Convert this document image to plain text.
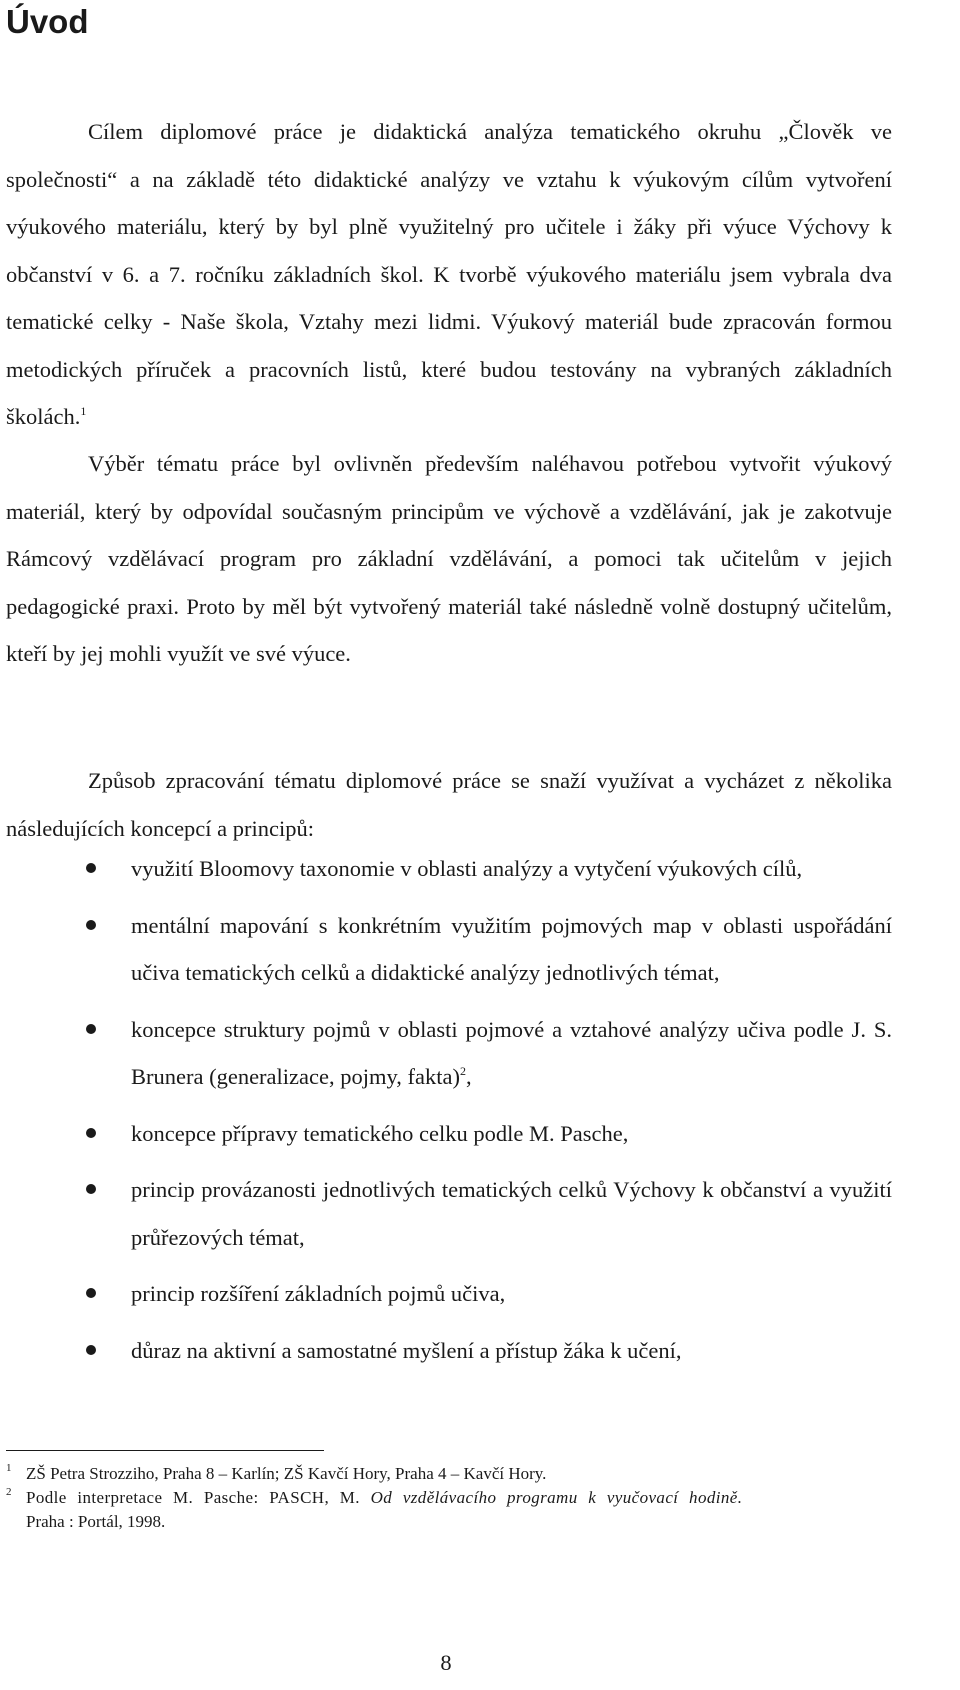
Úvod

Cílem diplomové práce je didaktická analýza tematického okruhu „Člověk ve společnosti“ a na základě této didaktické analýzy ve vztahu k výukovým cílům vytvoření výukového materiálu, který by byl plně využitelný pro učitele i žáky při výuce Výchovy k občanství v 6. a 7. ročníku základních škol. K tvorbě výukového materiálu jsem vybrala dva tematické celky - Naše škola, Vztahy mezi lidmi. Výukový materiál bude zpracován formou metodických příruček a pracovních listů, které budou testovány na vybraných základních školách.$^1$

Výběr tématu práce byl ovlivněn především naléhavou potřebou vytvořit výukový materiál, který by odpovídal současným principům ve výchově a vzdělávání, jak je zakotvuje Rámcový vzdělávací program pro základní vzdělávání, a pomoci tak učitelům v jejich pedagogické praxi. Proto by měl být vytvořený materiál také následně volně dostupný učitelům, kteří by jej mohli využít ve své výuce.

Způsob zpracování tématu diplomové práce se snaží využívat a vycházet z několika následujících koncepcí a principů:

využití Bloomovy taxonomie v oblasti analýzy a vytyčení výukových cílů,
mentální mapování s konkrétním využitím pojmových map v oblasti uspořádání učiva tematických celků a didaktické analýzy jednotlivých témat,
koncepce struktury pojmů v oblasti pojmové a vztahové analýzy učiva podle J. S. Brunera (generalizace, pojmy, fakta)$^2$,
koncepce přípravy tematického celku podle M. Pasche,
princip provázanosti jednotlivých tematických celků Výchovy k občanství a využití průřezových témat,
princip rozšíření základních pojmů učiva,
důraz na aktivní a samostatné myšlení a přístup žáka k učení,

1 ZŠ Petra Strozziho, Praha 8 – Karlín; ZŠ Kavčí Hory, Praha 4 – Kavčí Hory.

2 Podle interpretace M. Pasche: PASCH, M. Od vzdělávacího programu k vyučovací hodině.
Praha : Portál, 1998.

8
